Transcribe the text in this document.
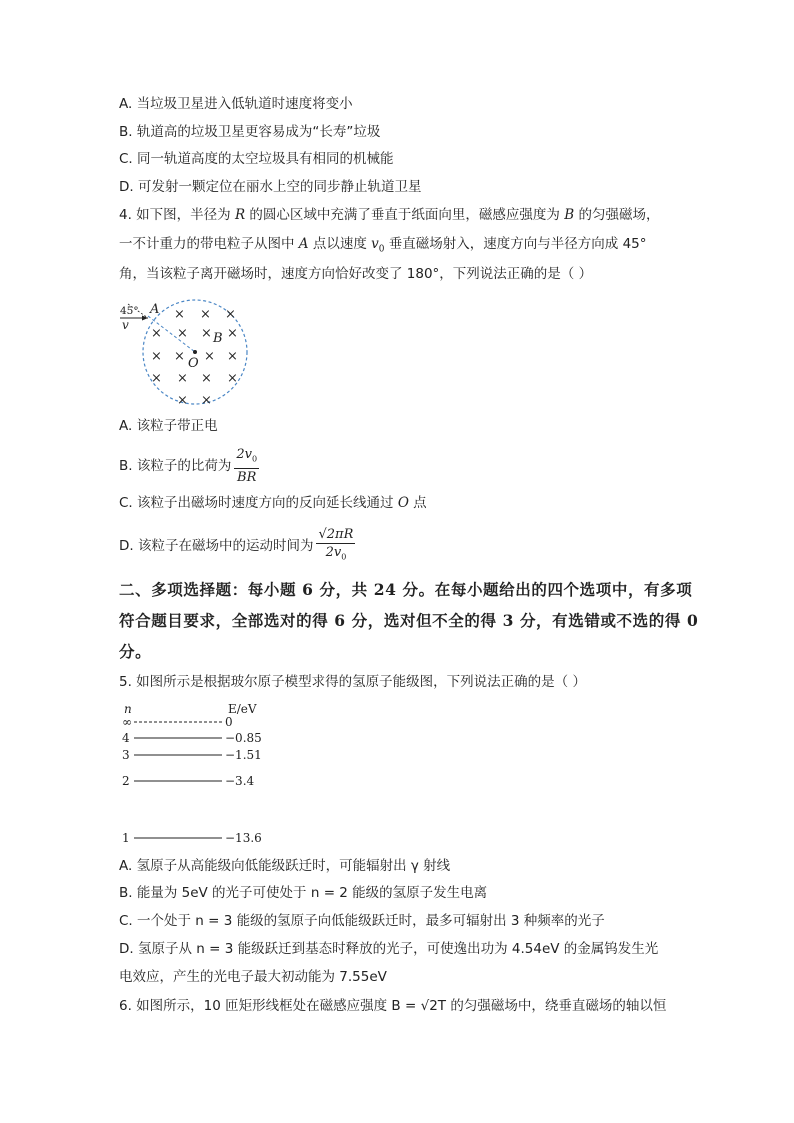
A. 当垃圾卫星进入低轨道时速度将变小
B. 轨道高的垃圾卫星更容易成为“长寿”垃圾
C. 同一轨道高度的太空垃圾具有相同的机械能
D. 可发射一颗定位在丽水上空的同步静止轨道卫星
4. 如下图，半径为 R 的圆心区域中充满了垂直于纸面向里，磁感应强度为 B 的匀强磁场，
一不计重力的带电粒子从图中 A 点以速度 $v_0$ 垂直磁场射入，速度方向与半径方向成 45°
角，当该粒子离开磁场时，速度方向恰好改变了 180°，下列说法正确的是（ ）
45° A
v
B
O
× × ×
× × × ×
× × × ×
× × × ×
× ×
A. 该粒子带正电
B. 该粒子的比荷为 $\frac{2v_0}{BR}$
C. 该粒子出磁场时速度方向的反向延长线通过 O 点
D. 该粒子在磁场中的运动时间为 $\frac{√2\pi R}{2v_0}$
二、多项选择题：每小题 6 分，共 24 分。在每小题给出的四个选项中，有多项
符合题目要求，全部选对的得 6 分，选对但不全的得 3 分，有选错或不选的得 0
分。
5. 如图所示是根据玻尔原子模型求得的氢原子能级图，下列说法正确的是（ ）
n	E/eV
∞	0
4	−0.85
3	−1.51
2	−3.4
1	−13.6
A. 氢原子从高能级向低能级跃迁时，可能辐射出 γ 射线
B. 能量为 5eV 的光子可使处于 n = 2 能级的氢原子发生电离
C. 一个处于 n = 3 能级的氢原子向低能级跃迁时，最多可辐射出 3 种频率的光子
D. 氢原子从 n = 3 能级跃迁到基态时释放的光子，可使逸出功为 4.54eV 的金属钨发生光
电效应，产生的光电子最大初动能为 7.55eV
6. 如图所示，10 匝矩形线框处在磁感应强度 B = √2T 的匀强磁场中，绕垂直磁场的轴以恒
